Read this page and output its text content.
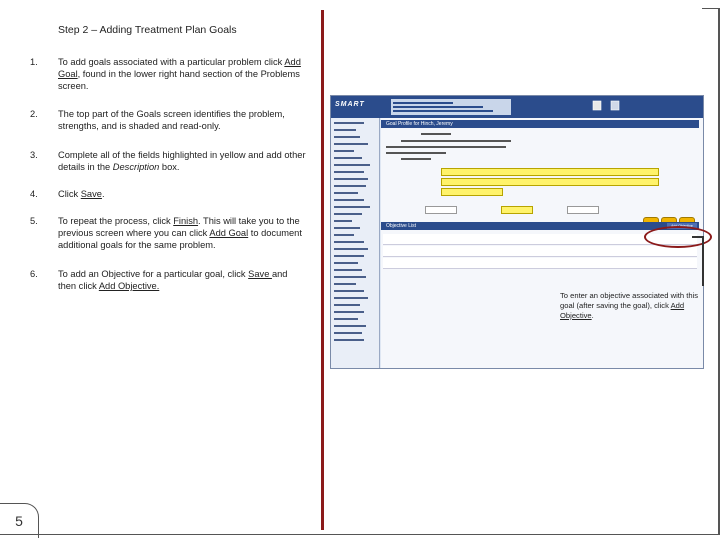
Step 2 – Adding Treatment Plan Goals
1.	To add goals associated with a particular problem click Add Goal, found in the lower right hand section of the Problems screen.
2.	The top part of the Goals screen identifies the problem, strengths, and is shaded and read-only.
3.	Complete all of the fields highlighted in yellow and add other details in the Description box.
4.	Click Save.
5.	To repeat the process, click Finish. This will take you to the previous screen where you can click Add Goal to document additional goals for the same problem.
6.	To add an Objective for a particular goal, click Save and then click Add Objective.
SMART
Goal Profile for Hinch, Jeremy
Objective List	Add Objective
To enter an objective associated with this goal (after saving the goal), click Add Objective.
5
